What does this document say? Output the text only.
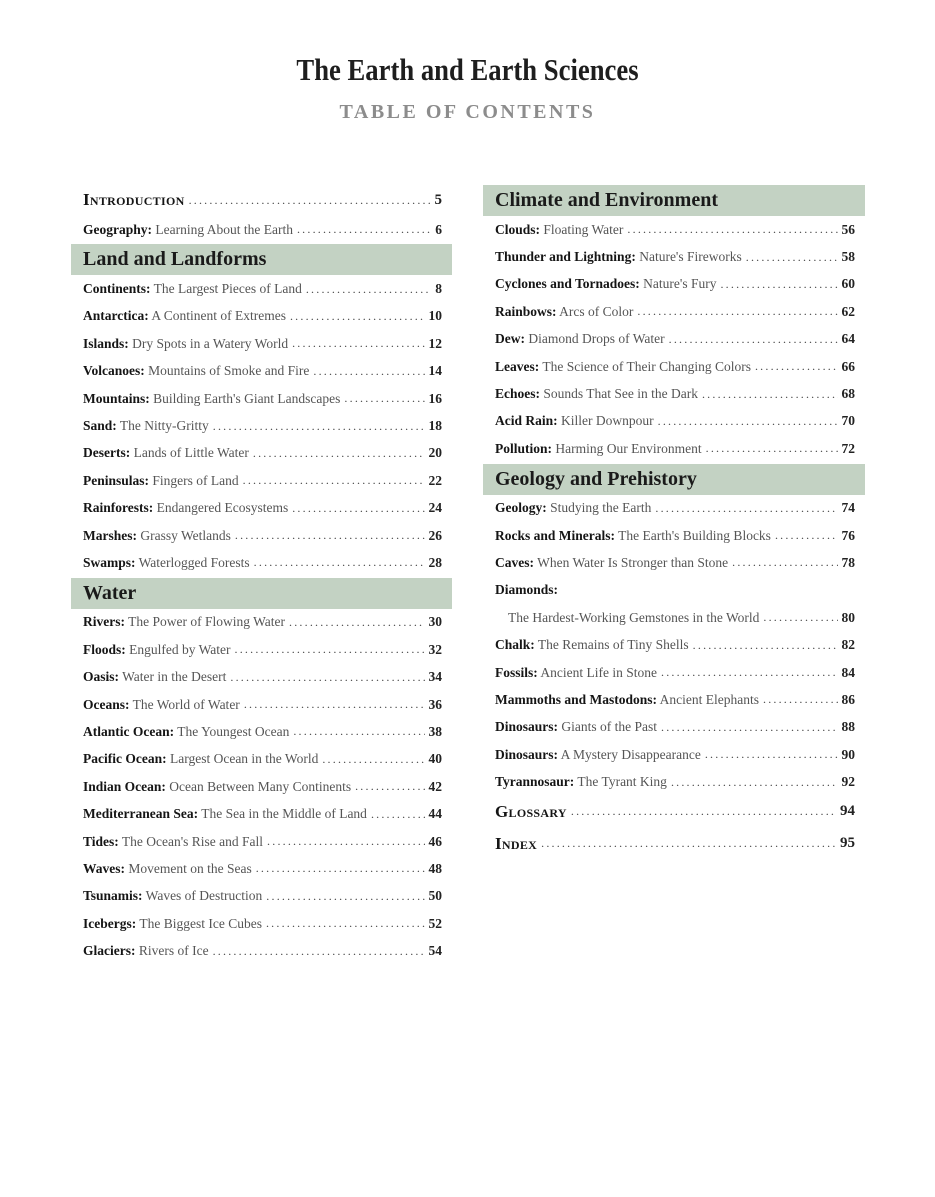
The Earth and Earth Sciences
TABLE OF CONTENTS
Introduction .....	5
Geography: Learning About the Earth .....	6
Land and Landforms
Continents: The Largest Pieces of Land .....	8
Antarctica: A Continent of Extremes .....	10
Islands: Dry Spots in a Watery World .....	12
Volcanoes: Mountains of Smoke and Fire .....	14
Mountains: Building Earth's Giant Landscapes .....	16
Sand: The Nitty-Gritty .....	18
Deserts: Lands of Little Water .....	20
Peninsulas: Fingers of Land .....	22
Rainforests: Endangered Ecosystems .....	24
Marshes: Grassy Wetlands .....	26
Swamps: Waterlogged Forests .....	28
Water
Rivers: The Power of Flowing Water .....	30
Floods: Engulfed by Water .....	32
Oasis: Water in the Desert .....	34
Oceans: The World of Water .....	36
Atlantic Ocean: The Youngest Ocean .....	38
Pacific Ocean: Largest Ocean in the World .....	40
Indian Ocean: Ocean Between Many Continents .....	42
Mediterranean Sea: The Sea in the Middle of Land .....	44
Tides: The Ocean's Rise and Fall .....	46
Waves: Movement on the Seas .....	48
Tsunamis: Waves of Destruction .....	50
Icebergs: The Biggest Ice Cubes .....	52
Glaciers: Rivers of Ice .....	54
Climate and Environment
Clouds: Floating Water .....	56
Thunder and Lightning: Nature's Fireworks .....	58
Cyclones and Tornadoes: Nature's Fury .....	60
Rainbows: Arcs of Color .....	62
Dew: Diamond Drops of Water .....	64
Leaves: The Science of Their Changing Colors .....	66
Echoes: Sounds That See in the Dark .....	68
Acid Rain: Killer Downpour .....	70
Pollution: Harming Our Environment .....	72
Geology and Prehistory
Geology: Studying the Earth .....	74
Rocks and Minerals: The Earth's Building Blocks .....	76
Caves: When Water Is Stronger than Stone .....	78
Diamonds:
The Hardest-Working Gemstones in the World .....	80
Chalk: The Remains of Tiny Shells .....	82
Fossils: Ancient Life in Stone .....	84
Mammoths and Mastodons: Ancient Elephants .....	86
Dinosaurs: Giants of the Past .....	88
Dinosaurs: A Mystery Disappearance .....	90
Tyrannosaur: The Tyrant King .....	92
Glossary .....	94
Index .....	95
